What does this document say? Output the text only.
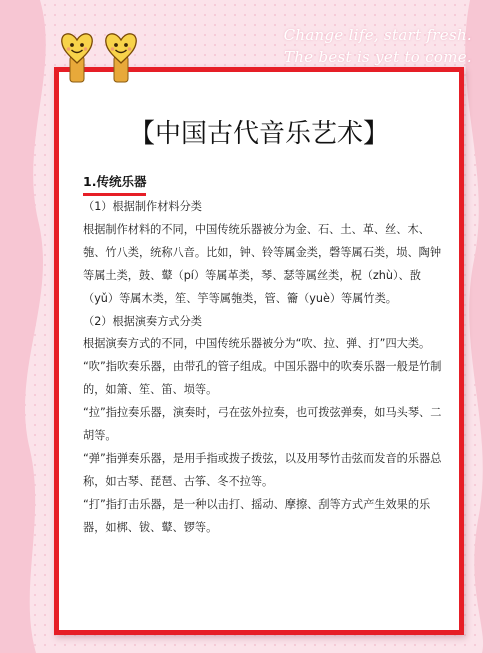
Change life, start fresh.
The best is yet to come.
【中国古代音乐艺术】
1.传统乐器

（1）根据制作材料分类

根据制作材料的不同，中国传统乐器被分为金、石、土、革、丝、木、匏、竹八类，统称八音。比如，钟、铃等属金类，磬等属石类，埙、陶钟等属土类，鼓、鼙（pí）等属革类，琴、瑟等属丝类，柷（zhù）、敔（yǔ）等属木类，笙、竽等属匏类，管、籥（yuè）等属竹类。

（2）根据演奏方式分类

根据演奏方式的不同，中国传统乐器被分为“吹、拉、弹、打”四大类。

“吹”指吹奏乐器，由带孔的管子组成。中国乐器中的吹奏乐器一般是竹制的，如箫、笙、笛、埙等。

“拉”指拉奏乐器，演奏时，弓在弦外拉奏，也可拨弦弹奏，如马头琴、二胡等。

“弹”指弹奏乐器，是用手指或拨子拨弦，以及用琴竹击弦而发音的乐器总称，如古琴、琵琶、古筝、冬不拉等。

“打”指打击乐器，是一种以击打、摇动、摩擦、刮等方式产生效果的乐器，如梆、钹、鼙、锣等。
